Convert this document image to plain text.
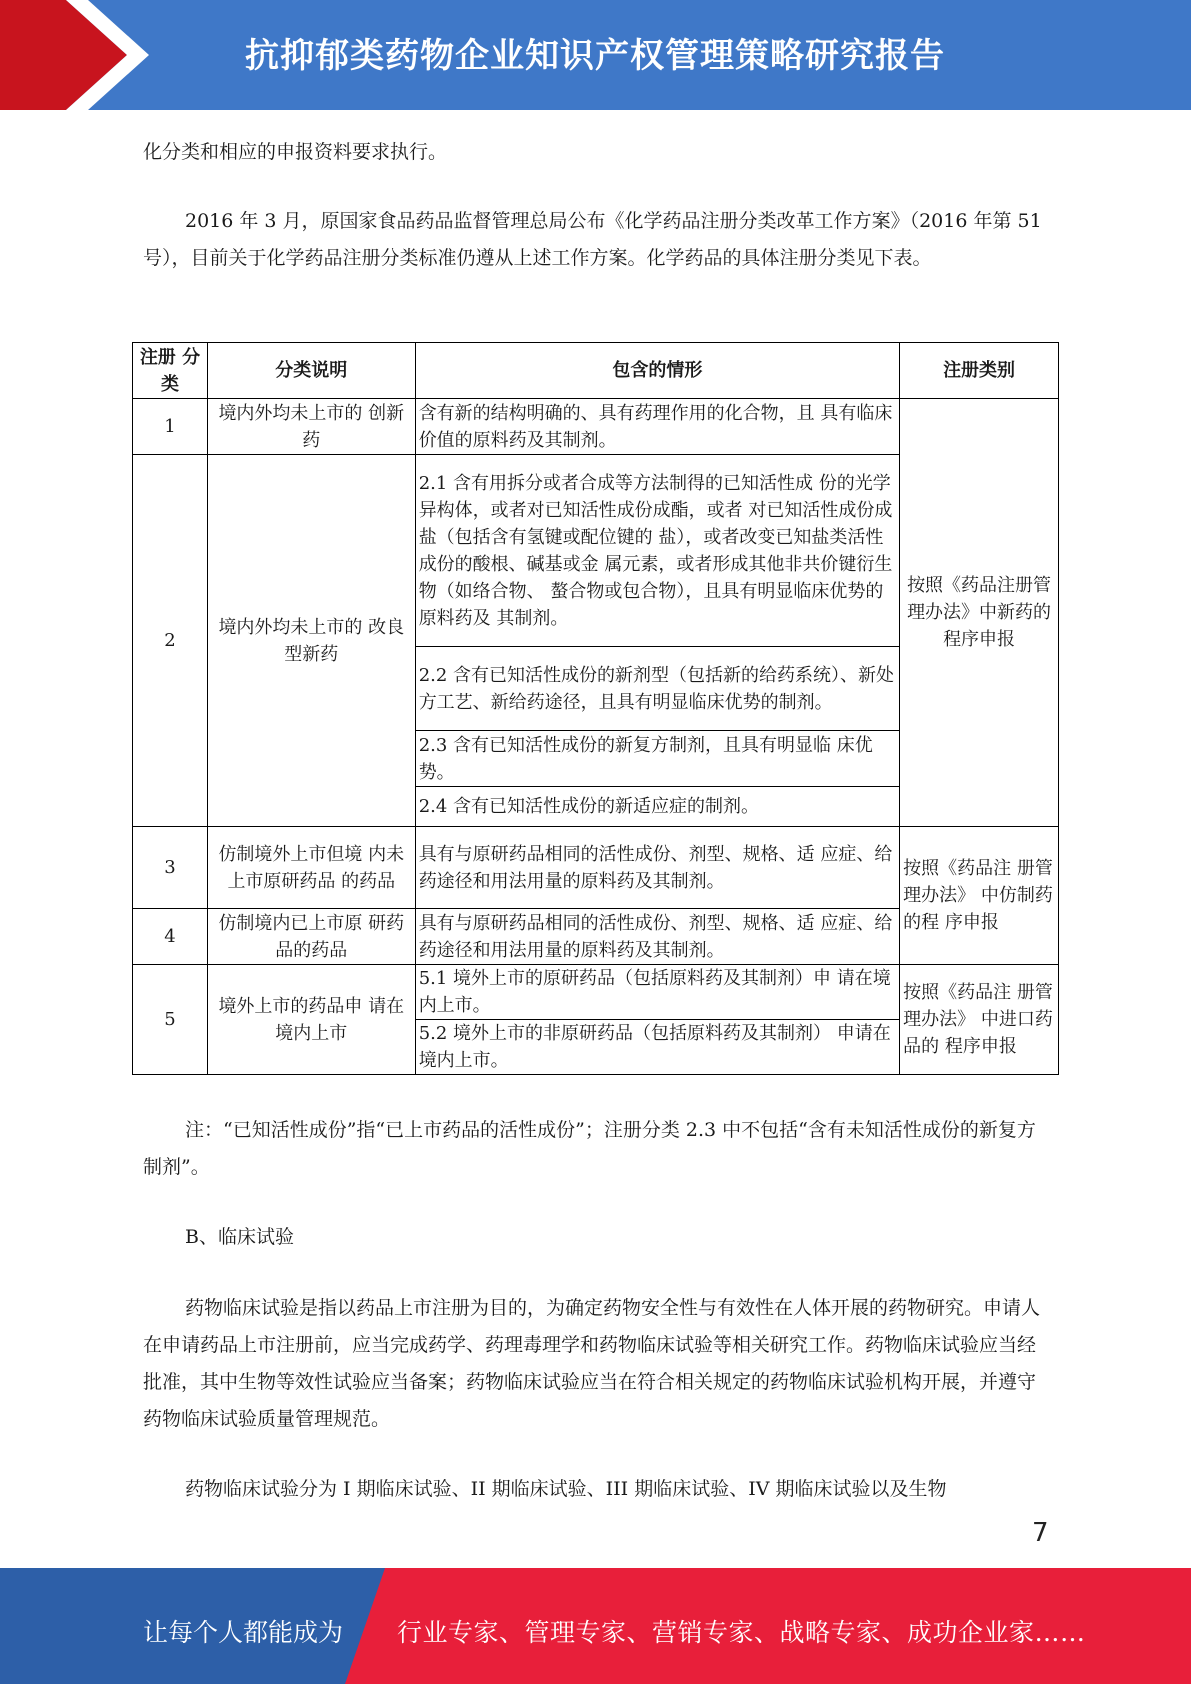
抗抑郁类药物企业知识产权管理策略研究报告

化分类和相应的申报资料要求执行。

2016 年 3 月，原国家食品药品监督管理总局公布《化学药品注册分类改革工作方案》（2016 年第 51 号），目前关于化学药品注册分类标准仍遵从上述工作方案。化学药品的具体注册分类见下表。

注册 分类	分类说明	包含的情形	注册类别
1	境内外均未上市的 创新药	含有新的结构明确的、具有药理作用的化合物，且 具有临床价值的原料药及其制剂。	按照《药品注册管理办法》中新药的程序申报
2	境内外均未上市的 改良型新药	2.1 含有用拆分或者合成等方法制得的已知活性成 份的光学异构体，或者对已知活性成份成酯，或者 对已知活性成份成盐（包括含有氢键或配位键的 盐），或者改变已知盐类活性成份的酸根、碱基或金 属元素，或者形成其他非共价键衍生物（如络合物、 螯合物或包合物），且具有明显临床优势的原料药及 其制剂。	
		2.2 含有已知活性成份的新剂型（包括新的给药系统）、新处方工艺、新给药途径，且具有明显临床优势的制剂。	
		2.3 含有已知活性成份的新复方制剂，且具有明显临 床优势。	
		2.4 含有已知活性成份的新适应症的制剂。	
3	仿制境外上市但境 内未上市原研药品 的药品	具有与原研药品相同的活性成份、剂型、规格、适 应症、给药途径和用法用量的原料药及其制剂。	按照《药品注 册管理办法》 中仿制药的程 序申报
4	仿制境内已上市原 研药品的药品	具有与原研药品相同的活性成份、剂型、规格、适 应症、给药途径和用法用量的原料药及其制剂。	
5	境外上市的药品申 请在境内上市	5.1 境外上市的原研药品（包括原料药及其制剂）申 请在境内上市。	按照《药品注 册管理办法》 中进口药品的 程序申报
		5.2 境外上市的非原研药品（包括原料药及其制剂） 申请在境内上市。	

注：“已知活性成份”指“已上市药品的活性成份”；注册分类 2.3 中不包括“含有未知活性成份的新复方制剂”。

B、临床试验

药物临床试验是指以药品上市注册为目的，为确定药物安全性与有效性在人体开展的药物研究。申请人在申请药品上市注册前，应当完成药学、药理毒理学和药物临床试验等相关研究工作。药物临床试验应当经批准，其中生物等效性试验应当备案；药物临床试验应当在符合相关规定的药物临床试验机构开展，并遵守药物临床试验质量管理规范。

药物临床试验分为 I 期临床试验、II 期临床试验、III 期临床试验、IV 期临床试验以及生物

7
让每个人都能成为 行业专家、管理专家、营销专家、战略专家、成功企业家……
